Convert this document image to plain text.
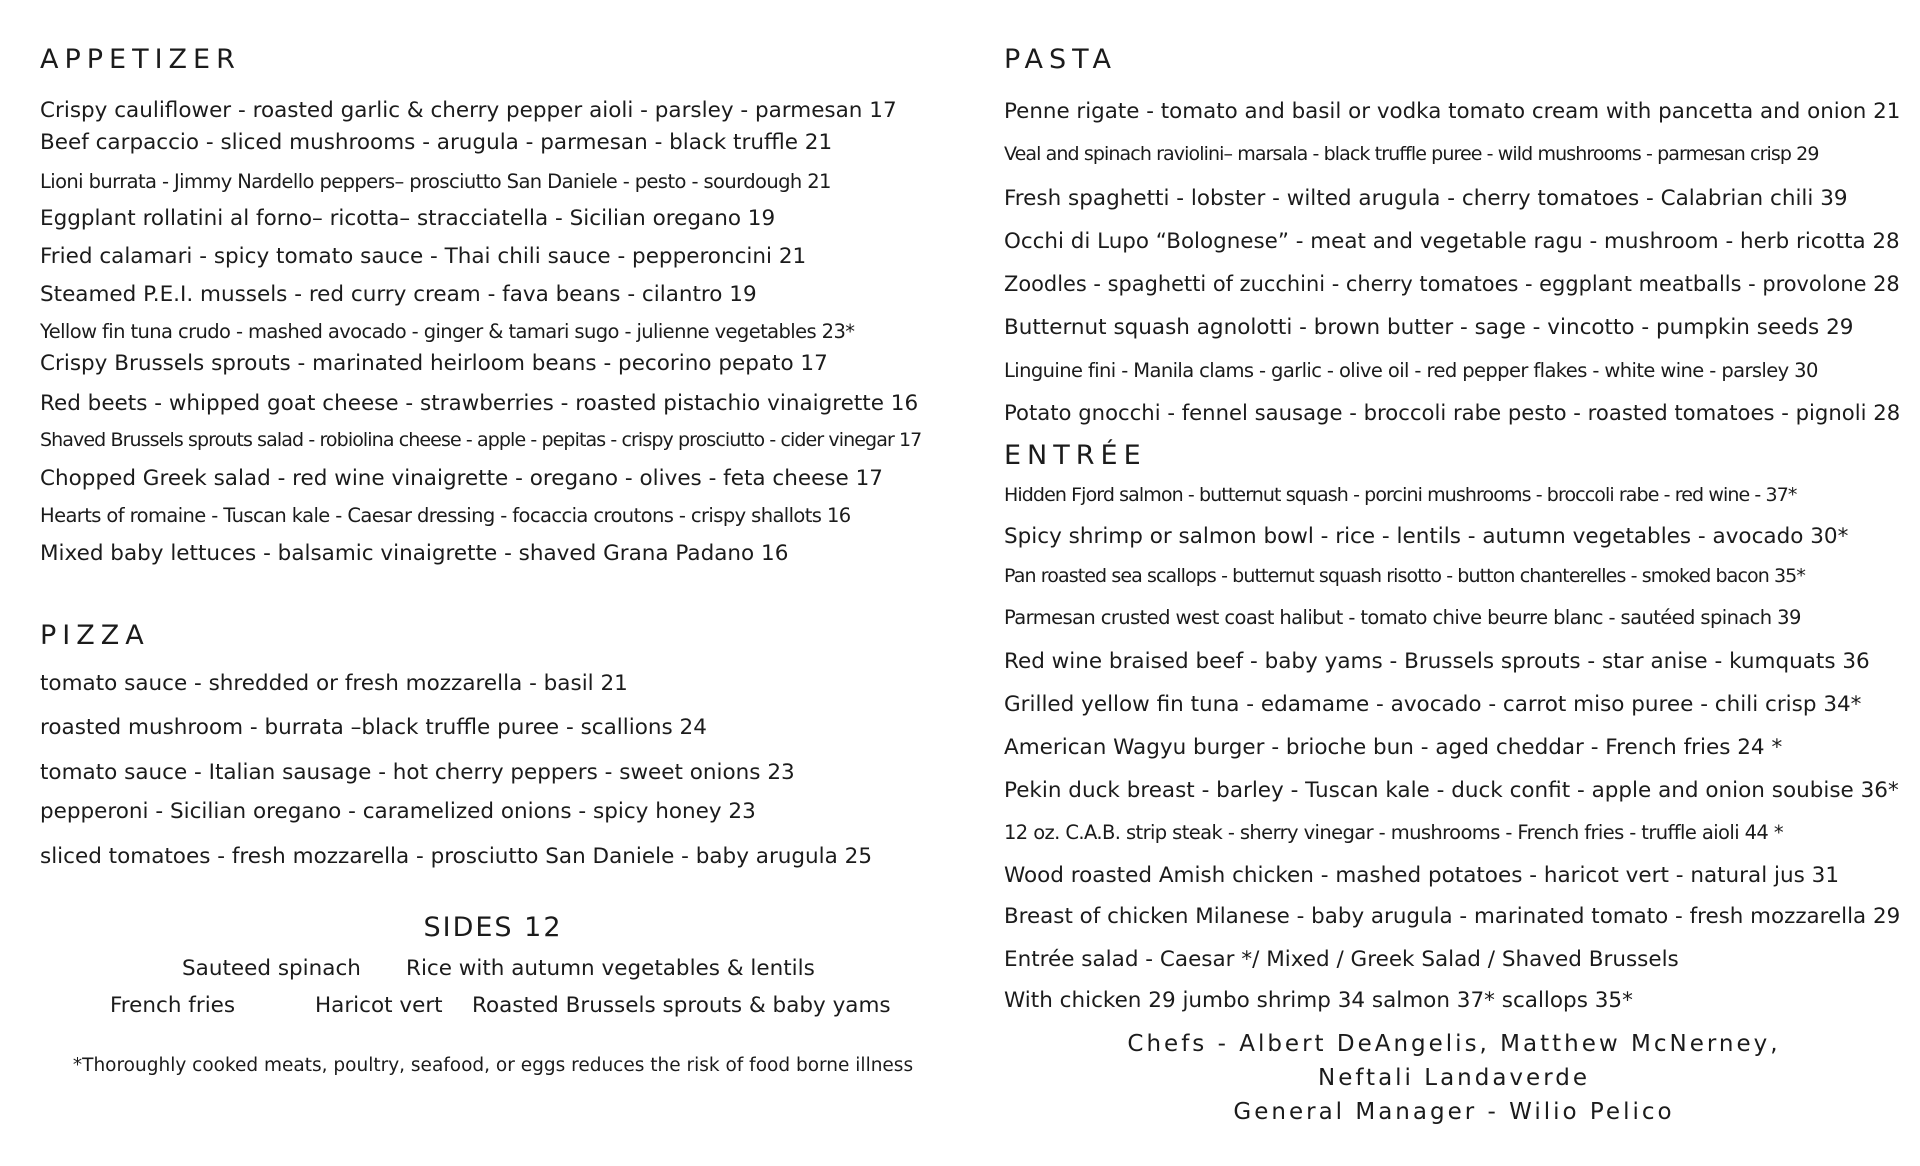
APPETIZER

Crispy cauliflower - roasted garlic & cherry pepper aioli - parsley - parmesan 17

Beef carpaccio - sliced mushrooms - arugula - parmesan - black truffle 21

Lioni burrata - Jimmy Nardello peppers– prosciutto San Daniele - pesto - sourdough 21

Eggplant rollatini al forno– ricotta– stracciatella - Sicilian oregano 19

Fried calamari - spicy tomato sauce - Thai chili sauce - pepperoncini 21

Steamed P.E.I. mussels - red curry cream - fava beans - cilantro 19

Yellow fin tuna crudo - mashed avocado - ginger & tamari sugo - julienne vegetables 23*

Crispy Brussels sprouts - marinated heirloom beans - pecorino pepato 17

Red beets - whipped goat cheese - strawberries - roasted pistachio vinaigrette 16

Shaved Brussels sprouts salad - robiolina cheese - apple - pepitas - crispy prosciutto - cider vinegar 17

Chopped Greek salad - red wine vinaigrette - oregano - olives - feta cheese 17

Hearts of romaine - Tuscan kale - Caesar dressing - focaccia croutons - crispy shallots 16

Mixed baby lettuces - balsamic vinaigrette - shaved Grana Padano 16

PIZZA

tomato sauce - shredded or fresh mozzarella - basil 21

roasted mushroom - burrata –black truffle puree - scallions 24

tomato sauce - Italian sausage - hot cherry peppers - sweet onions 23

pepperoni - Sicilian oregano - caramelized onions - spicy honey 23

sliced tomatoes - fresh mozzarella - prosciutto San Daniele - baby arugula 25

SIDES 12
Sauteed spinach Rice with autumn vegetables & lentils
French fries	Haricot vert Roasted Brussels sprouts & baby yams
*Thoroughly cooked meats, poultry, seafood, or eggs reduces the risk of food borne illness
PASTA

Penne rigate - tomato and basil or vodka tomato cream with pancetta and onion 21

Veal and spinach raviolini– marsala - black truffle puree - wild mushrooms - parmesan crisp 29

Fresh spaghetti - lobster - wilted arugula - cherry tomatoes - Calabrian chili 39

Occhi di Lupo “Bolognese” - meat and vegetable ragu - mushroom - herb ricotta 28

Zoodles - spaghetti of zucchini - cherry tomatoes - eggplant meatballs - provolone 28

Butternut squash agnolotti - brown butter - sage - vincotto - pumpkin seeds 29

Linguine fini - Manila clams - garlic - olive oil - red pepper flakes - white wine - parsley 30

Potato gnocchi - fennel sausage - broccoli rabe pesto - roasted tomatoes - pignoli 28

ENTRÉE

Hidden Fjord salmon - butternut squash - porcini mushrooms - broccoli rabe - red wine - 37*

Spicy shrimp or salmon bowl - rice - lentils - autumn vegetables - avocado 30*

Pan roasted sea scallops - butternut squash risotto - button chanterelles - smoked bacon 35*

Parmesan crusted west coast halibut - tomato chive beurre blanc - sautéed spinach 39

Red wine braised beef - baby yams - Brussels sprouts - star anise - kumquats 36

Grilled yellow fin tuna - edamame - avocado - carrot miso puree - chili crisp 34*

American Wagyu burger - brioche bun - aged cheddar - French fries 24 *

Pekin duck breast - barley - Tuscan kale - duck confit - apple and onion soubise 36*

12 oz. C.A.B. strip steak - sherry vinegar - mushrooms - French fries - truffle aioli 44 *

Wood roasted Amish chicken - mashed potatoes - haricot vert - natural jus 31

Breast of chicken Milanese - baby arugula - marinated tomato - fresh mozzarella 29

Entrée salad - Caesar */ Mixed / Greek Salad / Shaved Brussels

With chicken 29 jumbo shrimp 34 salmon 37* scallops 35*

Chefs - Albert DeAngelis, Matthew McNerney,
Neftali Landaverde
General Manager - Wilio Pelico
